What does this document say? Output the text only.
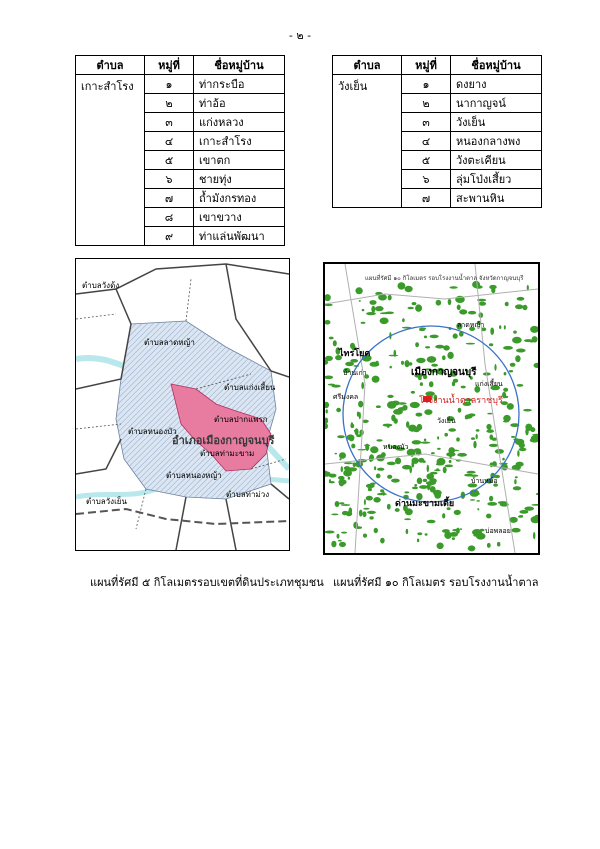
- ๒ -
ตำบล	หมู่ที่	ชื่อหมู่บ้าน
เกาะสำโรง	๑	ท่ากระบือ
	๒	ท่าอ้อ
	๓	แก่งหลวง
	๔	เกาะสำโรง
	๕	เขาตก
	๖	ชายทุ่ง
	๗	ถ้ำมังกรทอง
	๘	เขาขวาง
	๙	ท่าแล่นพัฒนา
ตำบล	หมู่ที่	ชื่อหมู่บ้าน
วังเย็น	๑	ดงยาง
	๒	นากาญจน์
	๓	วังเย็น
	๔	หนองกลางพง
	๕	วังตะเคียน
	๖	ลุ่มโป่งเสี้ยว
	๗	สะพานหิน
ตำบลวังด้ง
ตำบลลาดหญ้า
ตำบลแก่งเสี้ยน
ตำบลปากแพรก
ตำบลหนองบัว
อำเภอเมืองกาญจนบุรี
ตำบลท่ามะขาม
ตำบลหนองหญ้า
ตำบลท่าม่วง
ตำบลวังเย็น
แผนที่รัศมี ๑๐ กิโลเมตร รอบโรงงานน้ำตาล จังหวัดกาญจนบุรี
ไทรโยค
เมืองกาญจนบุรี
โรงงานน้ำตาลราชบุรี
วังเย็น
ลาดหญ้า
แก่งเสี้ยน
บ้านเก่า
ศรีมงคล
บ้านหม้อ
หนองบัว
บ่อพลอย
ด่านมะขามเตี้ย
แผนที่รัศมี ๕ กิโลเมตรรอบเขตที่ดินประเภทชุมชน แผนที่รัศมี ๑๐ กิโลเมตร รอบโรงงานน้ำตาล
